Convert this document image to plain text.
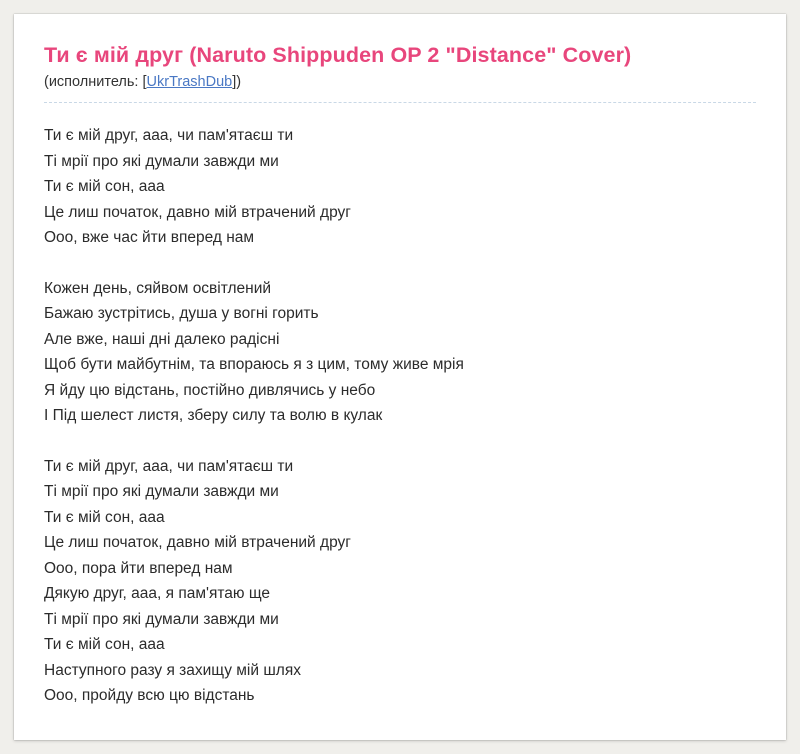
Ти є мій друг (Naruto Shippuden OP 2 "Distance" Cover)
(исполнитель: [UkrTrashDub])
Ти є мій друг, ааа, чи пам'ятаєш ти
Ті мрії про які думали завжди ми
Ти є мій сон, ааа
Це лиш початок, давно мій втрачений друг
Ооо, вже час йти вперед нам
Кожен день, сяйвом освітлений
Бажаю зустрітись, душа у вогні горить
Але вже, наші дні далеко радісні
Щоб бути майбутнім, та впораюсь я з цим, тому живе мрія
Я йду цю відстань, постійно дивлячись у небо
І Під шелест листя, зберу силу та волю в кулак
Ти є мій друг, ааа, чи пам'ятаєш ти
Ті мрії про які думали завжди ми
Ти є мій сон, ааа
Це лиш початок, давно мій втрачений друг
Ооо, пора йти вперед нам
Дякую друг, ааа, я пам'ятаю ще
Ті мрії про які думали завжди ми
Ти є мій сон, ааа
Наступного разу я захищу мій шлях
Ооо, пройду всю цю відстань
